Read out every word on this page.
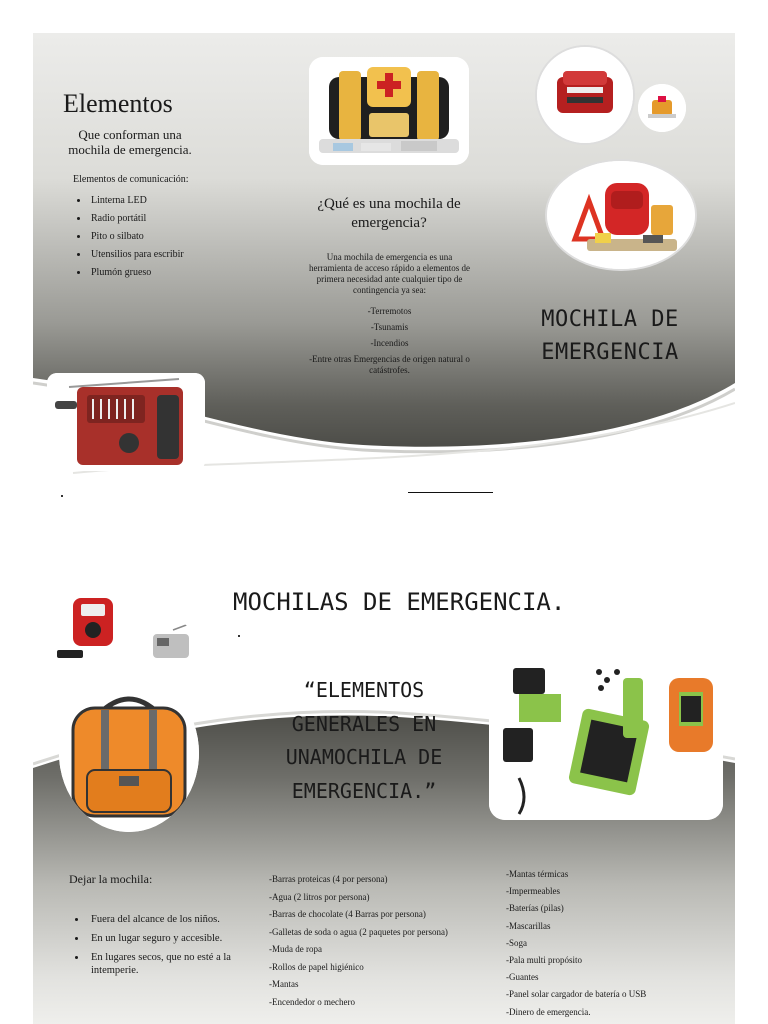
Elementos
Que conforman una mochila de emergencia.
Elementos de comunicación:
• Linterna LED
• Radio portátil
• Pito o silbato
• Utensilios para escribir
• Plumón grueso
¿Qué es una mochila de emergencia?
Una mochila de emergencia es una herramienta de acceso rápido a elementos de primera necesidad ante cualquier tipo de contingencia ya sea:
-Terremotos
-Tsunamis
-Incendios
-Entre otras Emergencias de origen natural o catástrofes.
MOCHILA DE EMERGENCIA
MOCHILAS DE EMERGENCIA.
“ELEMENTOS GENERALES EN UNAMOCHILA DE EMERGENCIA.”
Dejar la mochila:
• Fuera del alcance de los niños.
• En un lugar seguro y accesible.
• En lugares secos, que no esté a la intemperie.
-Barras proteicas (4 por persona)
-Agua (2 litros por persona)
-Barras de chocolate (4 Barras por persona)
-Galletas de soda o agua (2 paquetes por persona)
-Muda de ropa
-Rollos de papel higiénico
-Mantas
-Encendedor o mechero
-Mantas térmicas
-Impermeables
-Baterías (pilas)
-Mascarillas
-Soga
-Pala multi propósito
-Guantes
-Panel solar cargador de batería o USB
-Dinero de emergencia.
